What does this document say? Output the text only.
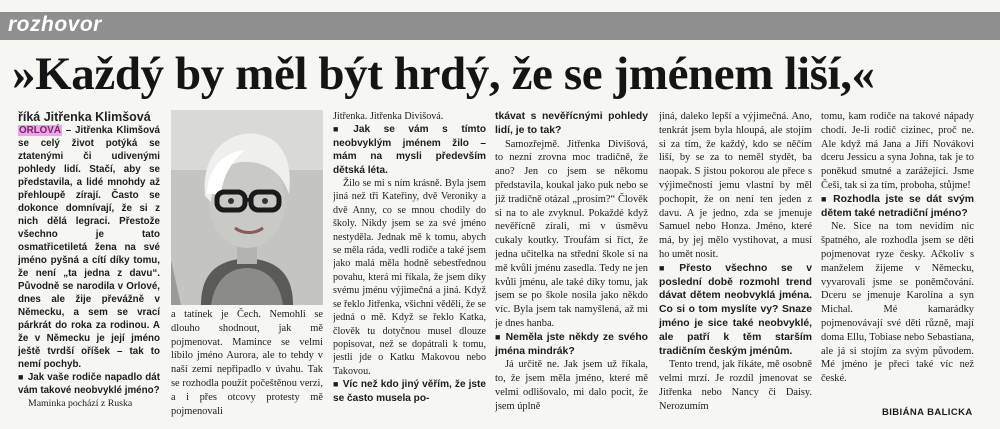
rozhovor
»Každý by měl být hrdý, že se jménem liší,«
říká Jitřenka Klimšová

ORLOVÁ – Jitřenka Klimšová se celý život potýká se ztatenými či udivenými pohledy lidí. Stačí, aby se představila, a lidé mnohdy až přehloupě zírají. Často se dokonce domnívají, že si z nich dělá legraci. Přestože všechno je tato osmatřicetiletá žena na své jméno pyšná a cítí díky tomu, že není „ta jedna z davu“. Původně se narodila v Orlové, dnes ale žije převážně v Německu, a sem se vrací párkrát do roka za rodinou. A že v Německu je její jméno ještě tvrdší oříšek – tak to nemí pochyb.

■ Jak vaše rodiče napadlo dát vám takové neobvyklé jméno?

Maminka pochází z Ruska

a tatínek je Čech. Nemohli se dlouho shodnout, jak mě pojmenovat. Mamince se velmi líbilo jméno Aurora, ale to tehdy v naší zemi nepřipadlo v úvahu. Tak se rozhodla použít počeštěnou verzi, a i přes otcovy protesty mě pojmenovali

Jitřenka. Jitřenka Divišová.

■ Jak se vám s tímto neobvyklým jménem žilo – mám na mysli především dětská léta.

Žilo se mi s ním krásně. Byla jsem jiná než tři Kateřiny, dvě Veroniky a dvě Anny, co se mnou chodily do školy. Nikdy jsem se za své jméno nestyděla. Jednak mě k tomu, abych se měla ráda, vedli rodiče a také jsem jako malá měla hodně sebestřednou povahu, která mi říkala, že jsem díky svému jménu výjimečná a jiná. Když se řeklo Jitřenka, všichni věděli, že se jedná o mě. Když se řeklo Katka, člověk tu dotyčnou musel dlouze popisovat, než se dopátrali k tomu, jestli jde o Katku Makovou nebo Takovou.

■ Víc než kdo jiný věřím, že jste se často musela po-

tkávat s nevěřícnými pohledy lidí, je to tak?

Samozřejmě. Jitřenka Divišová, to nezní zrovna moc tradičně, že ano? Jen co jsem se někomu představila, koukal jako puk nebo se již tradičně otázal „prosím?“ Člověk si na to ale zvyknul. Pokaždé když nevěřícně zírali, mi v úsměvu cukaly koutky. Troufám si říct, že jedna učitelka na střední škole si na mě kvůli jménu zasedla. Tedy ne jen kvůli jménu, ale také díky tomu, jak jsem se po škole nosila jako někdo víc. Byla jsem tak namyšlená, až mi je dnes hanba.

■ Neměla jste někdy ze svého jména mindrák?

Já určitě ne. Jak jsem už říkala, to, že jsem měla jméno, které mě velmi odlišovalo, mi dalo pocit, že jsem úplně

jiná, daleko lepší a výjimečná. Ano, tenkrát jsem byla hloupá, ale stojím si za tím, že každý, kdo se něčím liší, by se za to neměl stydět, ba naopak. S jistou pokorou ale přece s výjimečností jemu vlastní by měl pochopit, že on není ten jeden z davu. A je jedno, zda se jmenuje Samuel nebo Honza. Jméno, které má, by jej mělo vystihovat, a musí ho umět nosit.

■ Přesto všechno se v poslední době rozmohl trend dávat dětem neobvyklá jména. Co si o tom myslíte vy? Snaze jméno je sice také neobvyklé, ale patří k těm starším tradičním českým jménům.

Tento trend, jak říkáte, mě osobně velmi mrzí. Je rozdíl jmenovat se Jitřenka nebo Nancy či Daisy. Nerozumím

tomu, kam rodiče na takové nápady chodí. Je-li rodič cizinec, proč ne. Ale když má Jana a Jiří Novákovi dceru Jessicu a syna Johna, tak je to poněkud smutné a zarážející. Jsme Češi, tak si za tím, proboha, stůjme!

■ Rozhodla jste se dát svým dětem také netradiční jméno?

Ne. Sice na tom nevidím nic špatného, ale rozhodla jsem se děti pojmenovat ryze česky. Ačkoliv s manželem žijeme v Německu, vyvarovali jsme se poněmčování. Dceru se jmenuje Karolína a syn Michal. Mé kamarádky pojmenovávají své děti různě, mají doma Ellu, Tobiase nebo Sebastiana, ale já si stojím za svým původem. Mé jméno je přeci také víc než české.

BIBIÁNA BALICKA
